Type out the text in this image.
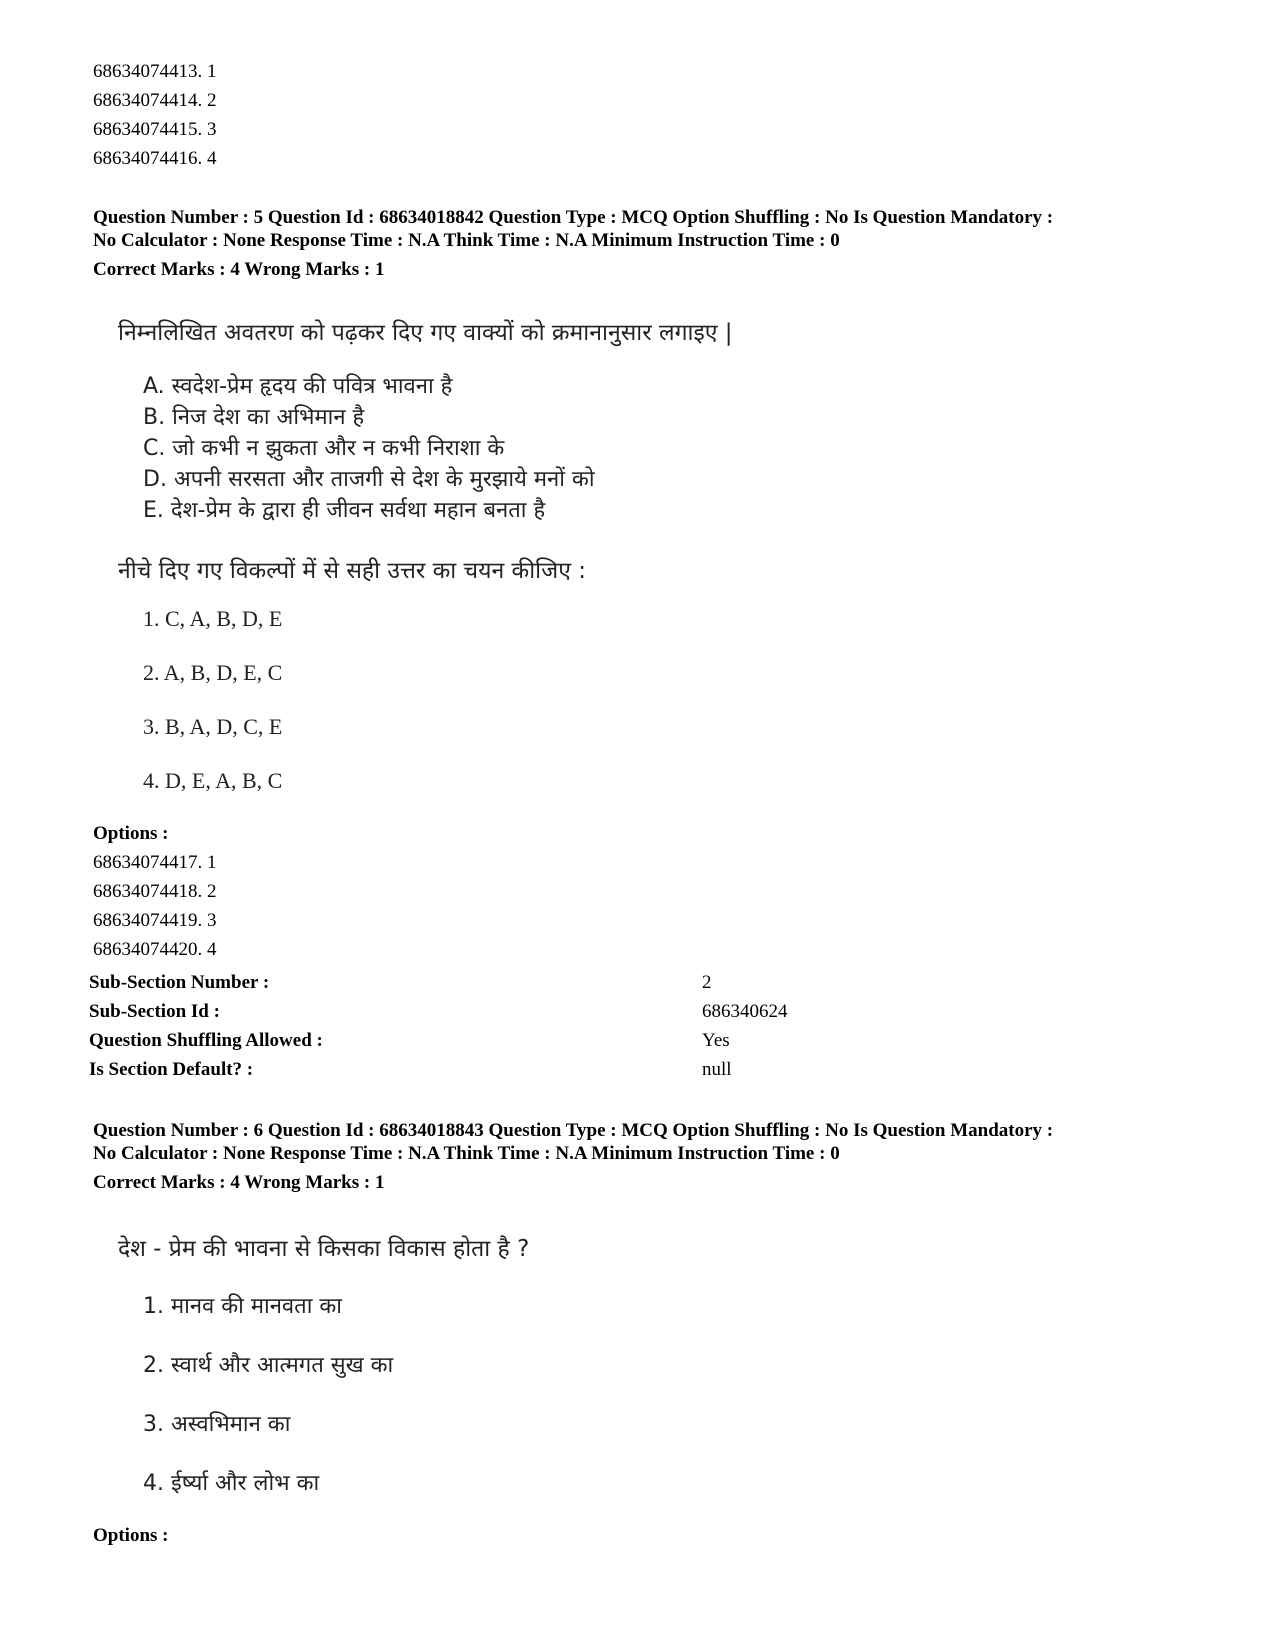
68634074413. 1
68634074414. 2
68634074415. 3
68634074416. 4
Question Number : 5 Question Id : 68634018842 Question Type : MCQ Option Shuffling : No Is Question Mandatory :
No Calculator : None Response Time : N.A Think Time : N.A Minimum Instruction Time : 0
Correct Marks : 4 Wrong Marks : 1
निम्नलिखित अवतरण को पढ़कर दिए गए वाक्यों को क्रमानानुसार लगाइए |
A. स्वदेश-प्रेम हृदय की पवित्र भावना है
B. निज देश का अभिमान है
C. जो कभी न झुकता और न कभी निराशा के
D. अपनी सरसता और ताजगी से देश के मुरझाये मनों को
E. देश-प्रेम के द्वारा ही जीवन सर्वथा महान बनता है
नीचे दिए गए विकल्पों में से सही उत्तर का चयन कीजिए :
1. C, A, B, D, E
2. A, B, D, E, C
3. B, A, D, C, E
4. D, E, A, B, C
Options :
68634074417. 1
68634074418. 2
68634074419. 3
68634074420. 4
Sub-Section Number :	2
Sub-Section Id :	686340624
Question Shuffling Allowed :	Yes
Is Section Default? :	null
Question Number : 6 Question Id : 68634018843 Question Type : MCQ Option Shuffling : No Is Question Mandatory :
No Calculator : None Response Time : N.A Think Time : N.A Minimum Instruction Time : 0
Correct Marks : 4 Wrong Marks : 1
देश - प्रेम की भावना से किसका विकास होता है ?
1. मानव की मानवता का
2. स्वार्थ और आत्मगत सुख का
3. अस्वभिमान का
4. ईर्ष्या और लोभ का
Options :
